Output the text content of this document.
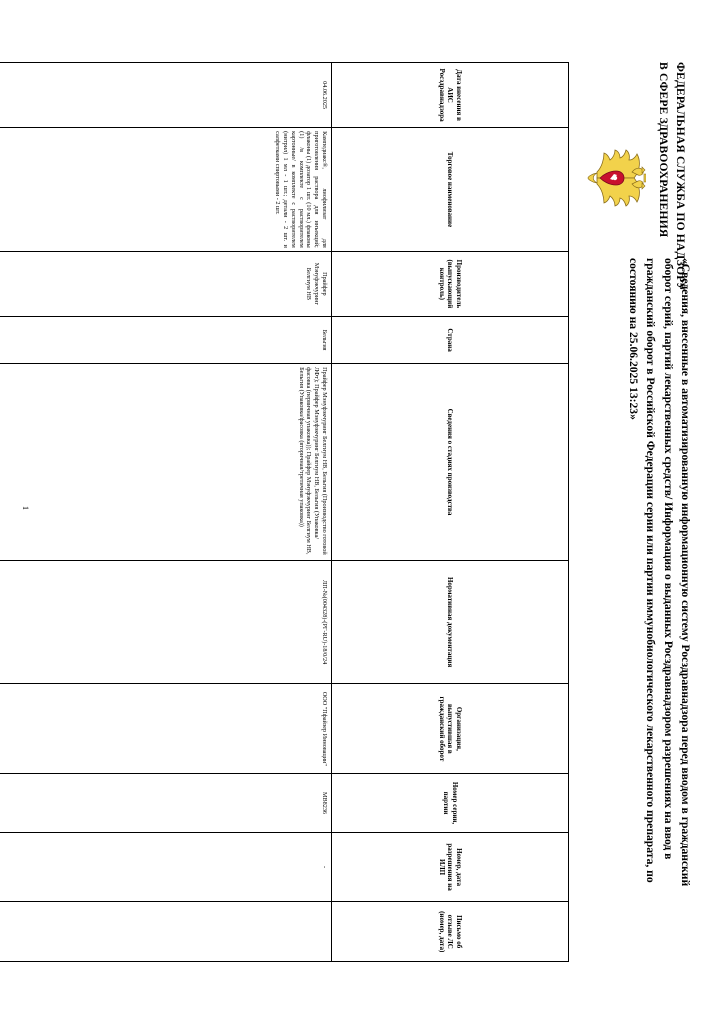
ФЕДЕРАЛЬНАЯ СЛУЖБА ПО НАДЗОРУ
В СФЕРЕ ЗДРАВООХРАНЕНИЯ
«Сведения, внесенные в автоматизированную информационную систему Росздравнадзора перед вводом в гражданский оборот серий, партий лекарственных средств/ Информация о выданных Росздравнадзором разрешениях на ввод в гражданский оборот в Российской Федерации серии или партии иммунобиологического лекарственного препарата, по состоянию на 25.06.2025 13:23»
Дата внесения в АИС Росздравнадзора	Торговое наименование	Производитель (выпускающий контроль)	Страна	Сведения о стадиях производства	Нормативная документация	Организация, выпустившая в гражданский оборот	Номер серии, партии	Номер, дата разрешения на ИЛП	Письмо об отзыве ЛС (номер, дата)
04.06.2025	Кампедиакс®, лиофилизат для приготовления раствора для инъекций; флаконы (1) дозатор 1 шт. (10 мл.) флаконы (1) /в комплекте с растворителем картонные/ в комплекте с растворителем (нитрил) 1 мл - 1 шт.; детали - 2 шт. и салфетками спиртовыми - 2 шт.	Прайфер Мэнуфэкчуринг Белгиум НВ	Бельгия	Прайфер Мэнуфэкчуринг Белгиум НВ, Бельгия (Производство готовой ЛФт); Прайфер Мэнуфэкчуринг Белгиум НВ, Бельгия (Упаковка/фасовка (первичная упаковка)); Прайфер Мэнуфэкчуринг Белгиум НВ, Бельгия (Упаковка/фасовка (вторичная/третичная упаковка))	ЛП-№(004328)-(РГ-RU)-18/0/24	ООО "Пфайзер Инновации"	MB8236	-	
1
